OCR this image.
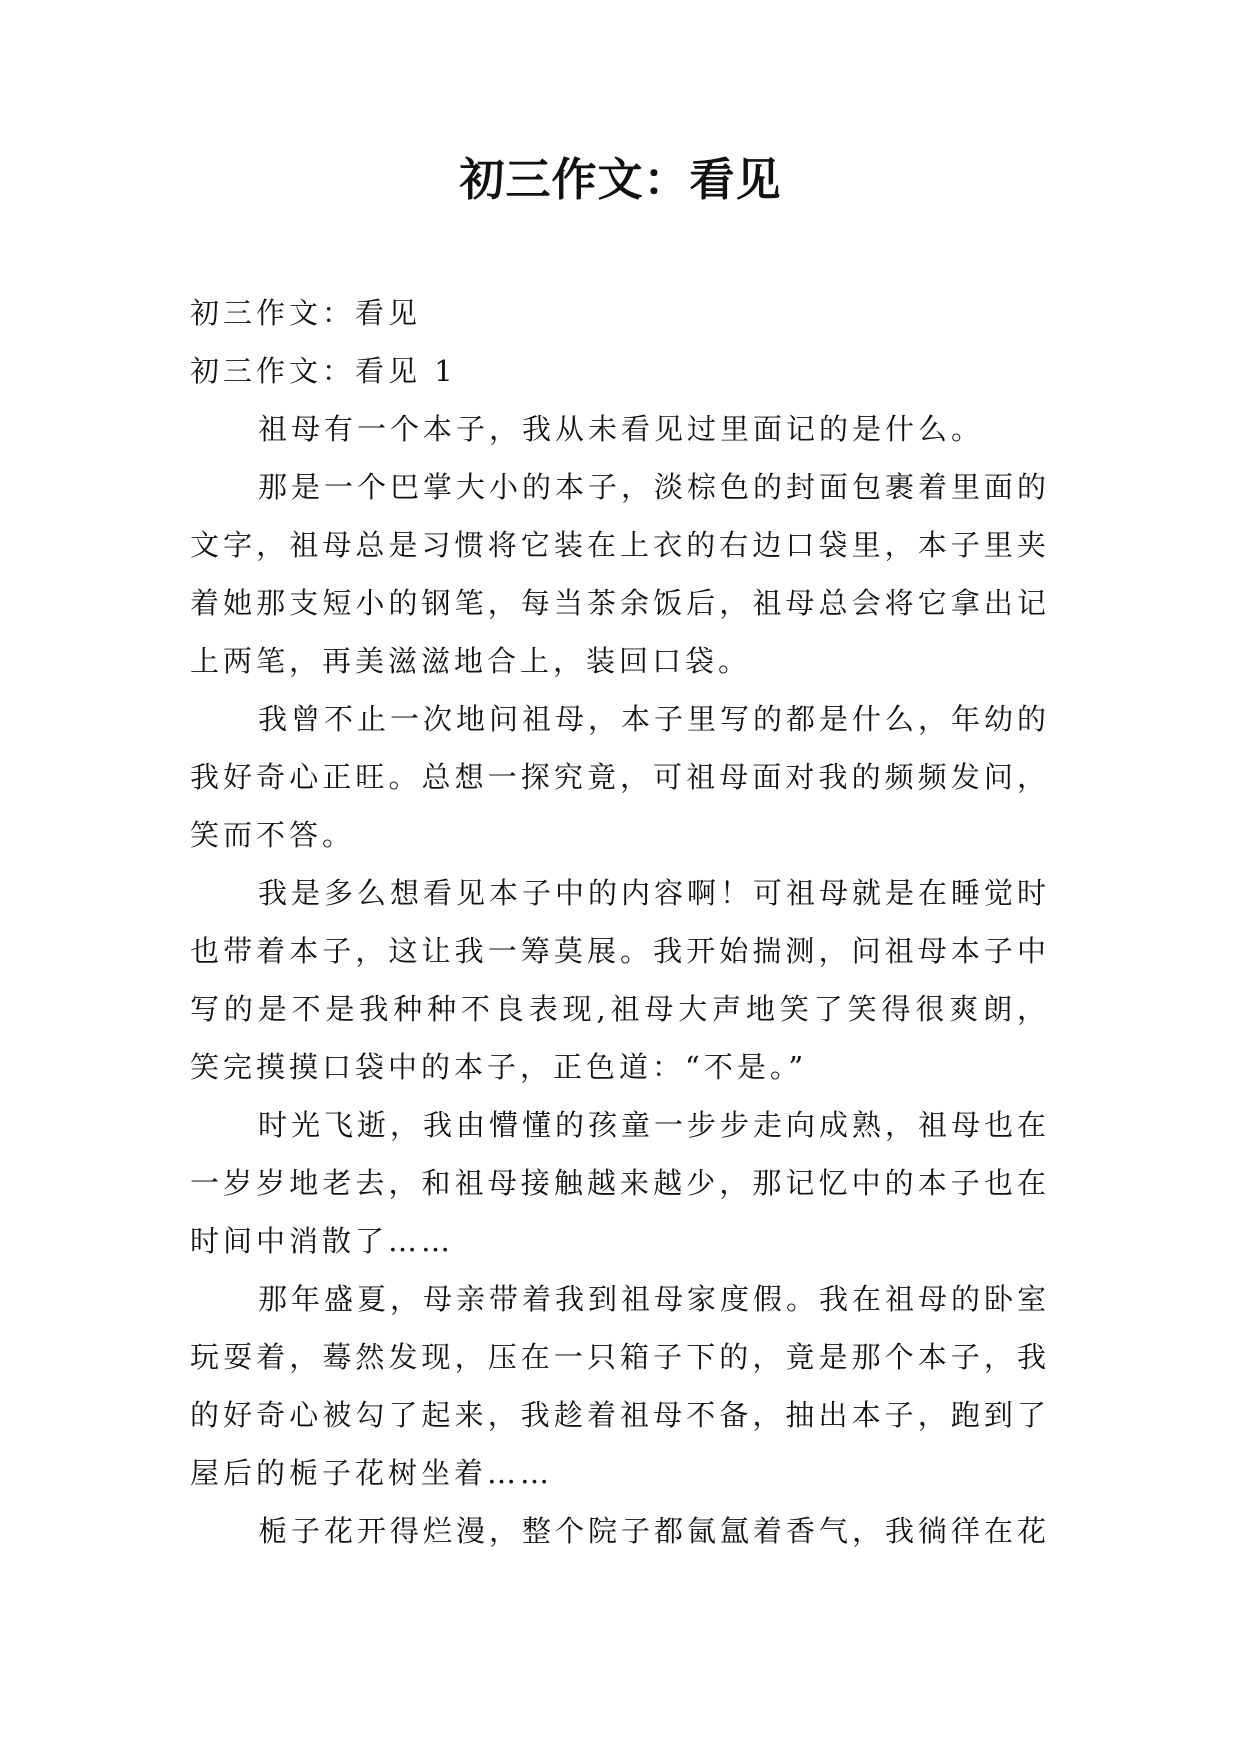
初三作文：看见

初三作文：看见

初三作文：看见 1

祖母有一个本子，我从未看见过里面记的是什么。

那是一个巴掌大小的本子，淡棕色的封面包裹着里面的文字，祖母总是习惯将它装在上衣的右边口袋里，本子里夹着她那支短小的钢笔，每当茶余饭后，祖母总会将它拿出记上两笔，再美滋滋地合上，装回口袋。

我曾不止一次地问祖母，本子里写的都是什么，年幼的我好奇心正旺。总想一探究竟，可祖母面对我的频频发问，笑而不答。

我是多么想看见本子中的内容啊！可祖母就是在睡觉时也带着本子，这让我一筹莫展。我开始揣测，问祖母本子中写的是不是我种种不良表现,祖母大声地笑了笑得很爽朗，笑完摸摸口袋中的本子，正色道：“不是。”

时光飞逝，我由懵懂的孩童一步步走向成熟，祖母也在一岁岁地老去，和祖母接触越来越少，那记忆中的本子也在时间中消散了……

那年盛夏，母亲带着我到祖母家度假。我在祖母的卧室玩耍着，蓦然发现，压在一只箱子下的，竟是那个本子，我的好奇心被勾了起来，我趁着祖母不备，抽出本子，跑到了屋后的栀子花树坐着……

栀子花开得烂漫，整个院子都氤氲着香气，我徜徉在花
